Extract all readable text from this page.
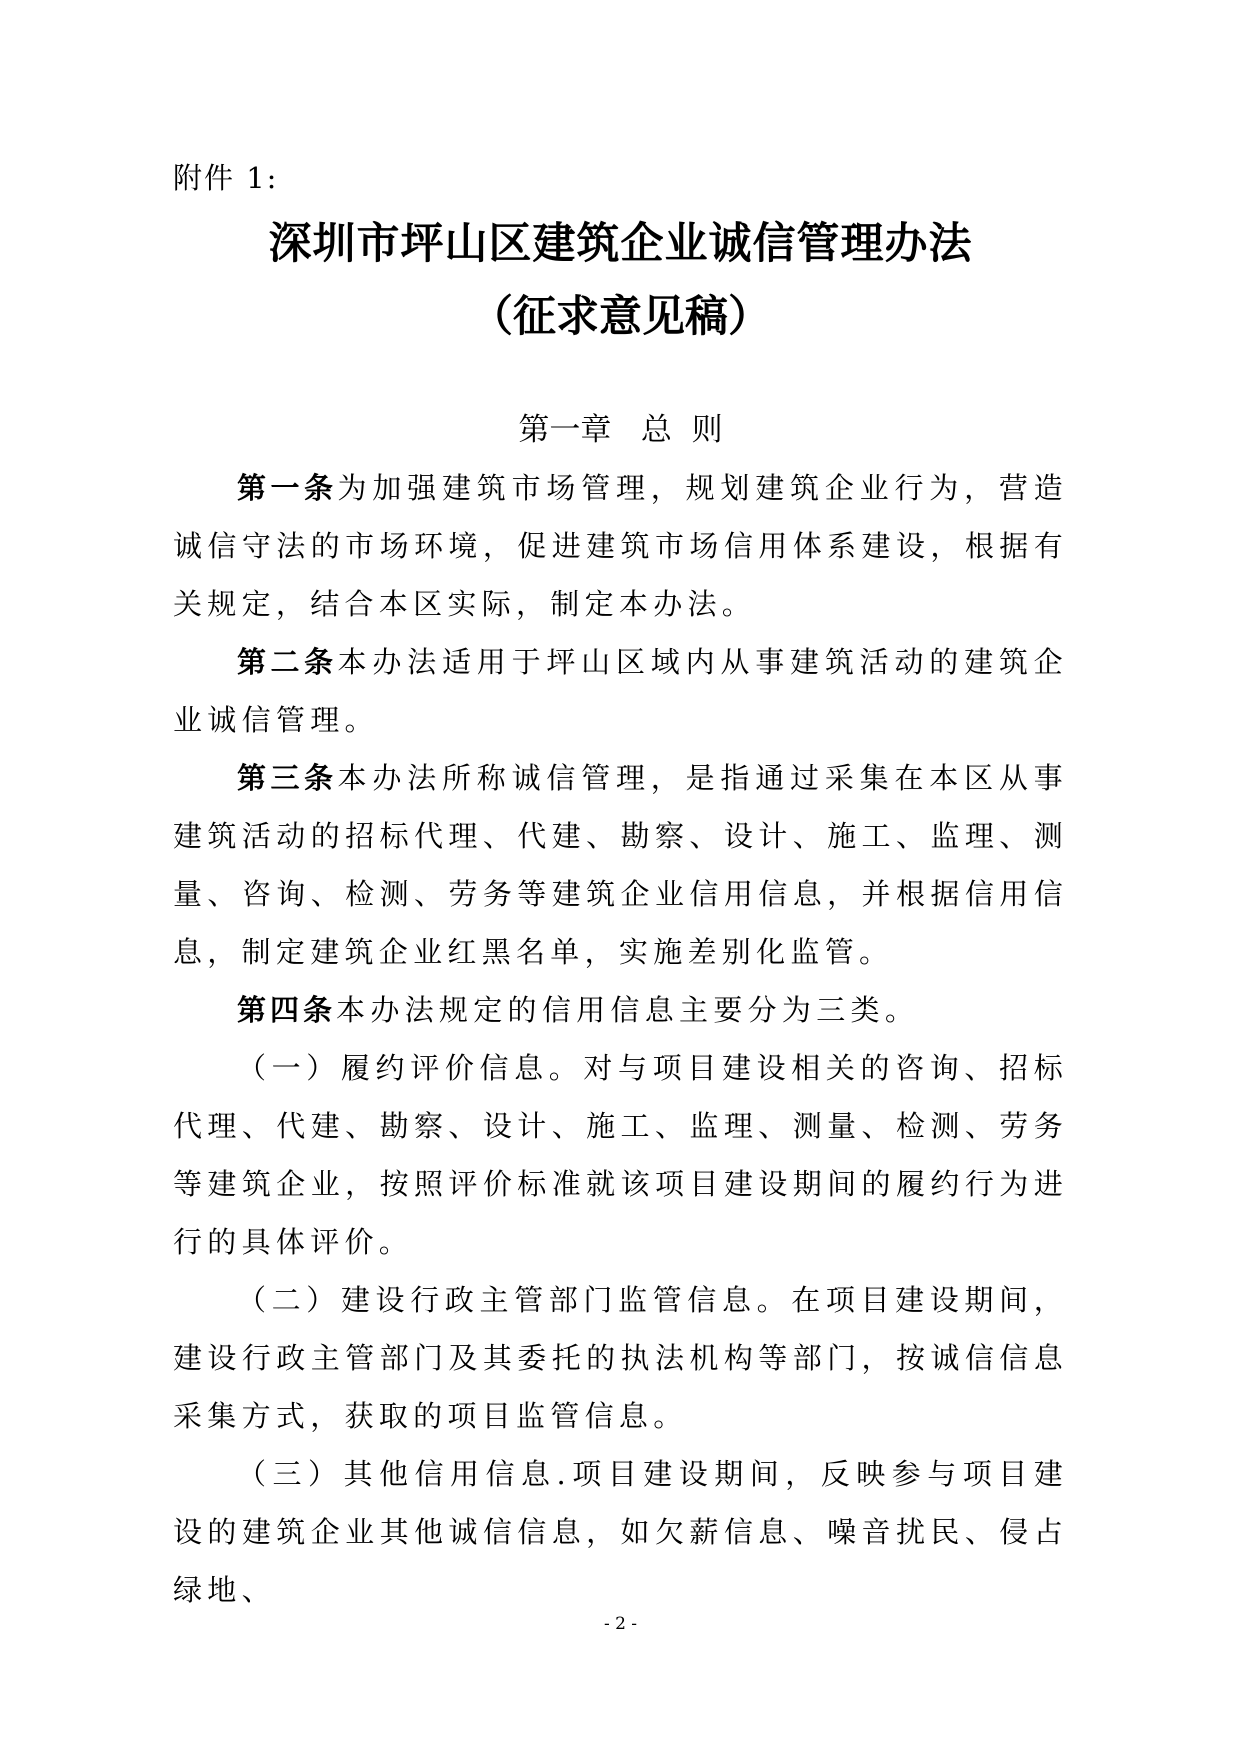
附件 1:
深圳市坪山区建筑企业诚信管理办法
（征求意见稿）
第一章   总  则

第一条为加强建筑市场管理，规划建筑企业行为，营造诚信守法的市场环境，促进建筑市场信用体系建设，根据有关规定，结合本区实际，制定本办法。

第二条本办法适用于坪山区域内从事建筑活动的建筑企业诚信管理。

第三条本办法所称诚信管理，是指通过采集在本区从事建筑活动的招标代理、代建、勘察、设计、施工、监理、测量、咨询、检测、劳务等建筑企业信用信息，并根据信用信息，制定建筑企业红黑名单，实施差别化监管。

第四条本办法规定的信用信息主要分为三类。

（一）履约评价信息。对与项目建设相关的咨询、招标代理、代建、勘察、设计、施工、监理、测量、检测、劳务等建筑企业，按照评价标准就该项目建设期间的履约行为进行的具体评价。

（二）建设行政主管部门监管信息。在项目建设期间，建设行政主管部门及其委托的执法机构等部门，按诚信信息采集方式，获取的项目监管信息。

（三）其他信用信息.项目建设期间，反映参与项目建设的建筑企业其他诚信信息，如欠薪信息、噪音扰民、侵占绿地、

- 2 -
